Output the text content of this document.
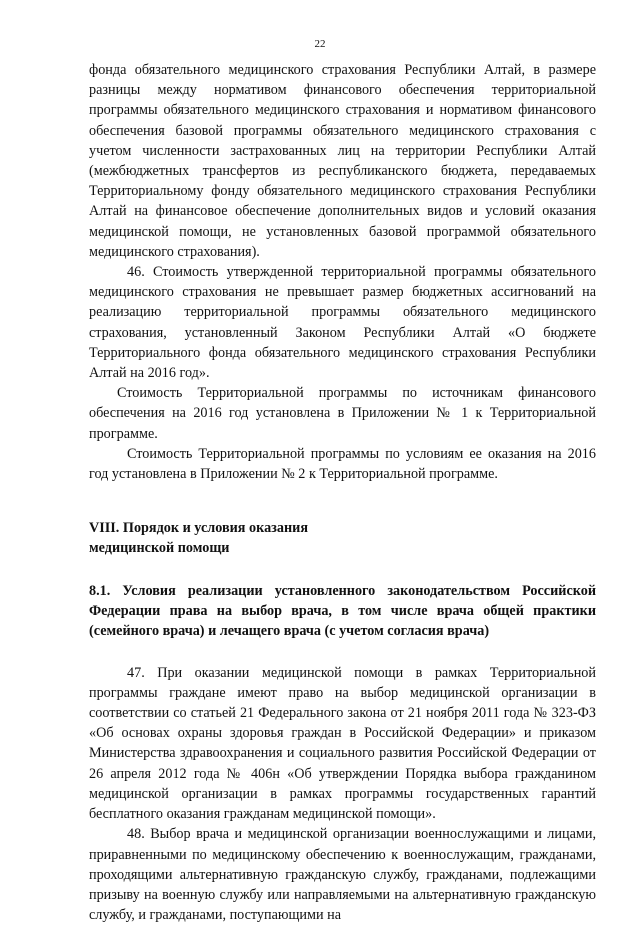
22

фонда обязательного медицинского страхования Республики Алтай, в размере разницы между нормативом финансового обеспечения территориальной программы обязательного медицинского страхования и нормативом финансового обеспечения базовой программы обязательного медицинского страхования с учетом численности застрахованных лиц на территории Республики Алтай (межбюджетных трансфертов из республиканского бюджета, передаваемых Территориальному фонду обязательного медицинского страхования Республики Алтай на финансовое обеспечение дополнительных видов и условий оказания медицинской помощи, не установленных базовой программой обязательного медицинского страхования).

46. Стоимость утвержденной территориальной программы обязательного медицинского страхования не превышает размер бюджетных ассигнований на реализацию территориальной программы обязательного медицинского страхования, установленный Законом Республики Алтай «О бюджете Территориального фонда обязательного медицинского страхования Республики Алтай на 2016 год».

Стоимость Территориальной программы по источникам финансового обеспечения на 2016 год установлена в Приложении № 1 к Территориальной программе.

Стоимость Территориальной программы по условиям ее оказания на 2016 год установлена в Приложении № 2 к Территориальной программе.

VIII. Порядок и условия оказания

медицинской помощи

8.1. Условия реализации установленного законодательством Российской Федерации права на выбор врача, в том числе врача общей практики (семейного врача) и лечащего врача (с учетом согласия врача)

47. При оказании медицинской помощи в рамках Территориальной программы граждане имеют право на выбор медицинской организации в соответствии со статьей 21 Федерального закона от 21 ноября 2011 года № 323-ФЗ «Об основах охраны здоровья граждан в Российской Федерации» и приказом Министерства здравоохранения и социального развития Российской Федерации от 26 апреля 2012 года № 406н «Об утверждении Порядка выбора гражданином медицинской организации в рамках программы государственных гарантий бесплатного оказания гражданам медицинской помощи».

48. Выбор врача и медицинской организации военнослужащими и лицами, приравненными по медицинскому обеспечению к военнослужащим, гражданами, проходящими альтернативную гражданскую службу, гражданами, подлежащими призыву на военную службу или направляемыми на альтернативную гражданскую службу, и гражданами, поступающими на
